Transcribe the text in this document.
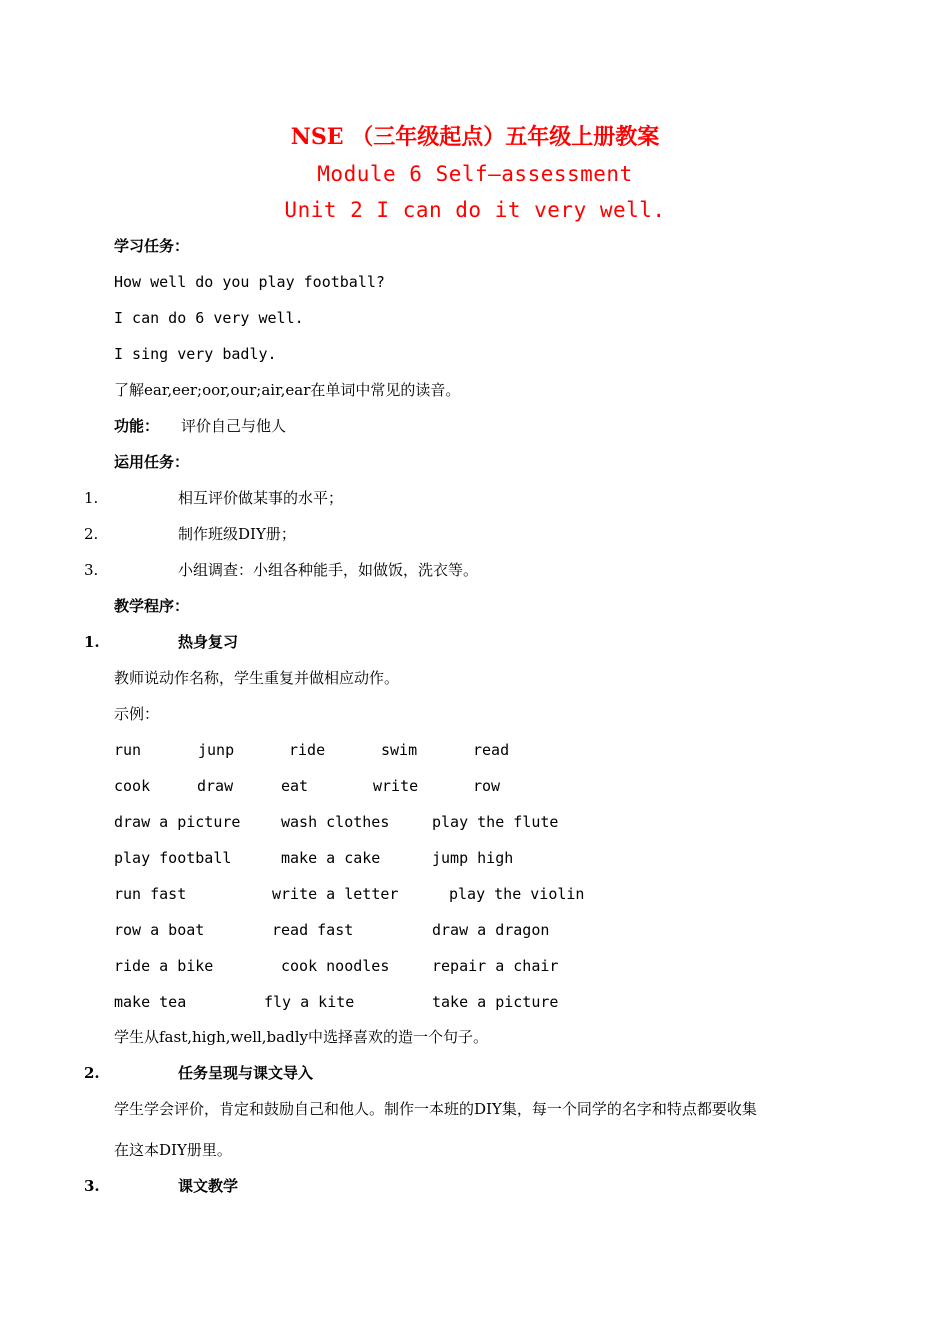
NSE （三年级起点）五年级上册教案
Module 6 Self—assessment
Unit 2 I can do it very well.
学习任务：
How well do you play football?
I can do 6 very well.
I sing very badly.
了解ear,eer;oor,our;air,ear在单词中常见的读音。
功能： 评价自己与他人
运用任务：
1.	相互评价做某事的水平；
2.	制作班级DIY册；
3.	小组调查：小组各种能手，如做饭，洗衣等。
教学程序：
1.	热身复习
教师说动作名称，学生重复并做相应动作。
示例：
run	junp	ride	swim	read
cook	draw	eat	write	row
draw a picture	wash clothes	play the flute
play football	make a cake	jump high
run fast	write a letter	play the violin
row a boat	read fast	draw a dragon
ride a bike	cook noodles	repair a chair
make tea	fly a kite	take a picture
学生从fast,high,well,badly中选择喜欢的造一个句子。
2.	任务呈现与课文导入
学生学会评价，肯定和鼓励自己和他人。制作一本班的DIY集，每一个同学的名字和特点都要收集
在这本DIY册里。
3.	课文教学
